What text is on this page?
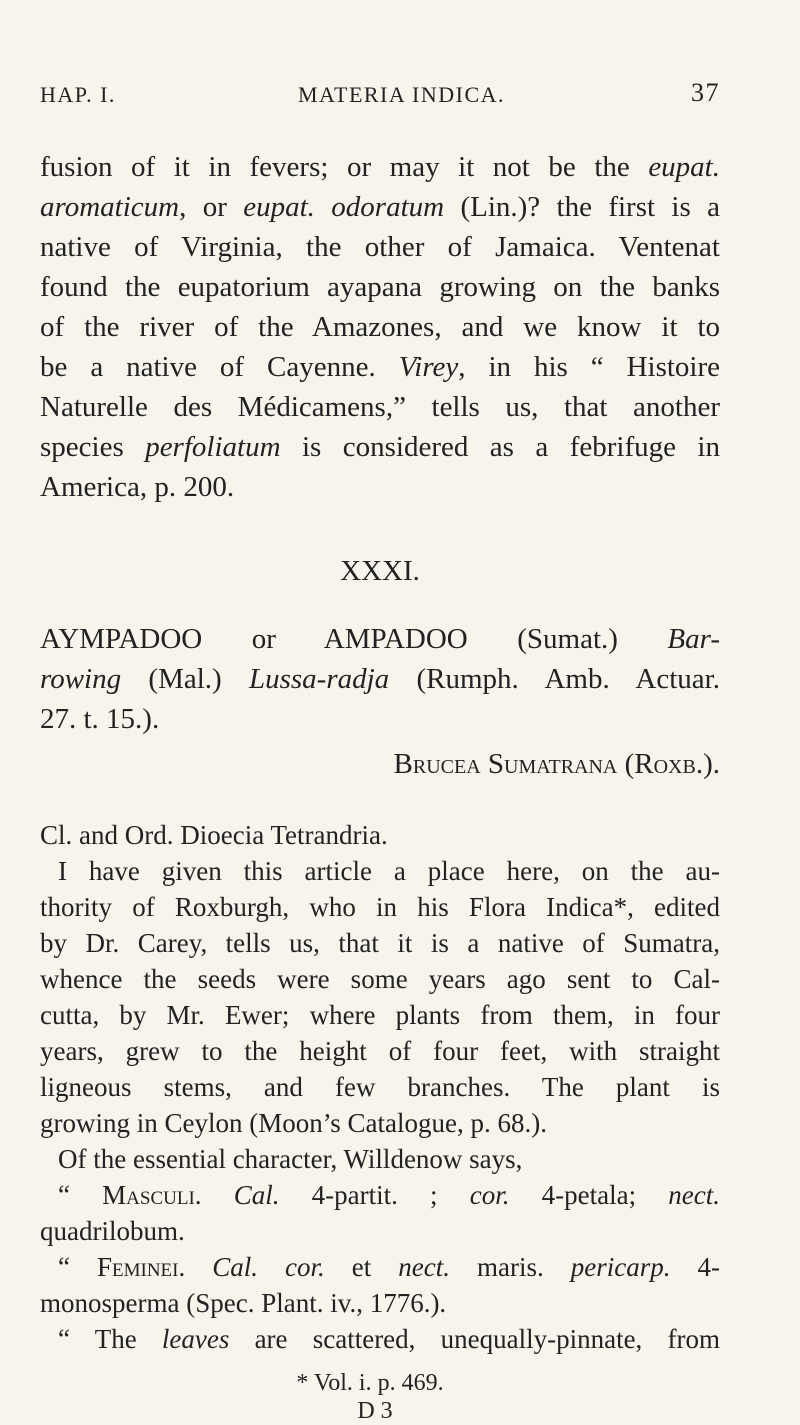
HAP. I.	MATERIA INDICA.	37
fusion of it in fevers; or may it not be the eupat.
aromaticum, or eupat. odoratum (Lin.)? the first is a
native of Virginia, the other of Jamaica. Ventenat
found the eupatorium ayapana growing on the banks
of the river of the Amazones, and we know it to
be a native of Cayenne. Virey, in his “ Histoire
Naturelle des Médicamens,” tells us, that another
species perfoliatum is considered as a febrifuge in
America, p. 200.
XXXI.
AYMPADOO or AMPADOO (Sumat.) Bar-
rowing (Mal.) Lussa-radja (Rumph. Amb. Actuar.
27. t. 15.).
Brucea Sumatrana (Roxb.).
Cl. and Ord. Dioecia Tetrandria.
I have given this article a place here, on the au-
thority of Roxburgh, who in his Flora Indica*, edited
by Dr. Carey, tells us, that it is a native of Sumatra,
whence the seeds were some years ago sent to Cal-
cutta, by Mr. Ewer; where plants from them, in four
years, grew to the height of four feet, with straight
ligneous stems, and few branches. The plant is
growing in Ceylon (Moon’s Catalogue, p. 68.).
Of the essential character, Willdenow says,
“ Masculi. Cal. 4-partit. ; cor. 4-petala; nect.
quadrilobum.
“ Feminei. Cal. cor. et nect. maris. pericarp. 4-
monosperma (Spec. Plant. iv., 1776.).
“ The leaves are scattered, unequally-pinnate, from
* Vol. i. p. 469.
D 3
